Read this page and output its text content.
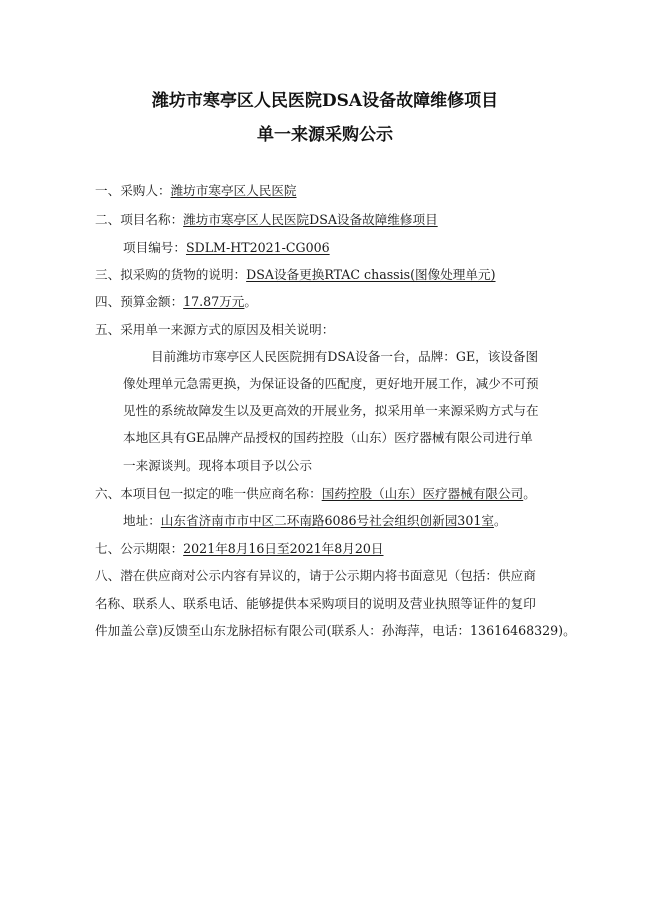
潍坊市寒亭区人民医院DSA设备故障维修项目
单一来源采购公示
一、采购人：潍坊市寒亭区人民医院
二、项目名称：潍坊市寒亭区人民医院DSA设备故障维修项目
项目编号：SDLM-HT2021-CG006
三、拟采购的货物的说明：DSA设备更换RTAC chassis(图像处理单元)
四、预算金额：17.87万元。
五、采用单一来源方式的原因及相关说明：
目前潍坊市寒亭区人民医院拥有DSA设备一台，品牌：GE，该设备图
像处理单元急需更换，为保证设备的匹配度，更好地开展工作，减少不可预
见性的系统故障发生以及更高效的开展业务，拟采用单一来源采购方式与在
本地区具有GE品牌产品授权的国药控股（山东）医疗器械有限公司进行单
一来源谈判。现将本项目予以公示
六、本项目包一拟定的唯一供应商名称：国药控股（山东）医疗器械有限公司。
地址：山东省济南市市中区二环南路6086号社会组织创新园301室。
七、公示期限：2021年8月16日至2021年8月20日
八、潜在供应商对公示内容有异议的，请于公示期内将书面意见（包括：供应商
名称、联系人、联系电话、能够提供本采购项目的说明及营业执照等证件的复印
件加盖公章)反馈至山东龙脉招标有限公司(联系人：孙海萍，电话：13616468329)。
